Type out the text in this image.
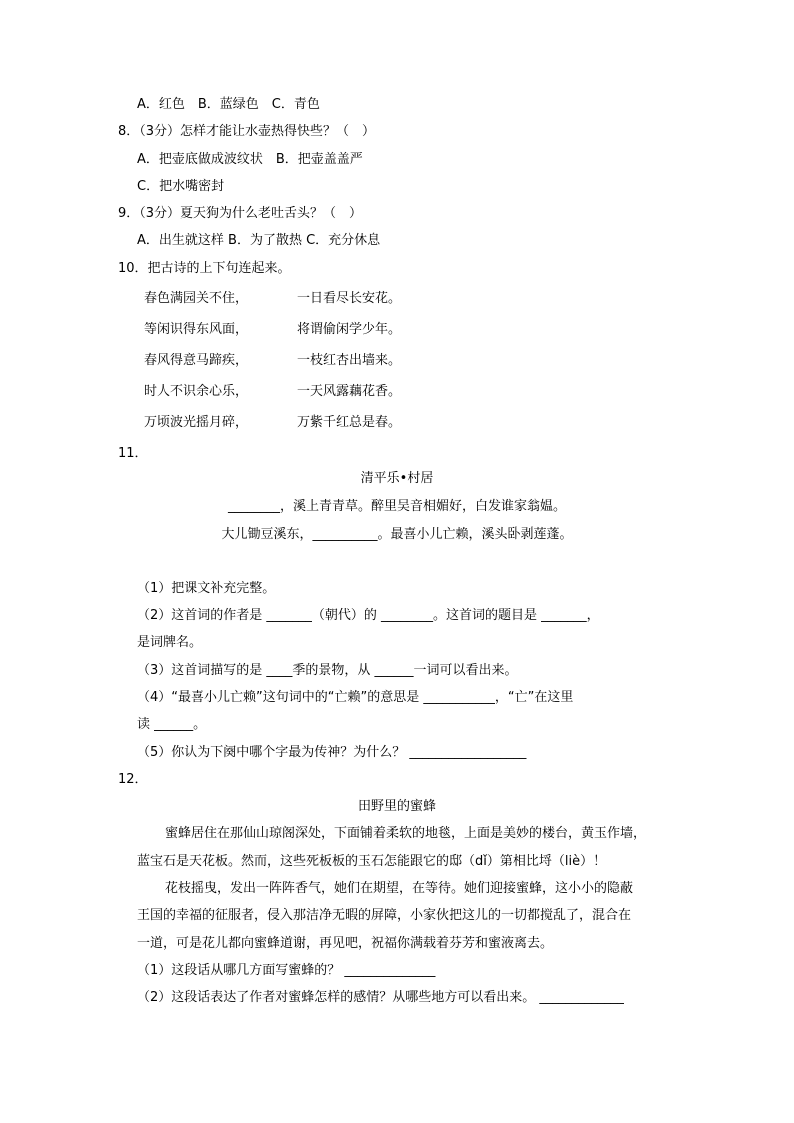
A．红色　B．蓝绿色　C．青色
8．（3分）怎样才能让水壶热得快些？（　）
A．把壶底做成波纹状　B．把壶盖盖严
C．把水嘴密封
9．（3分）夏天狗为什么老吐舌头？（　）
A．出生就这样 B．为了散热 C．充分休息
10．把古诗的上下句连起来。
春色满园关不住，	一日看尽长安花。
等闲识得东风面，	将谓偷闲学少年。
春风得意马蹄疾，	一枝红杏出墙来。
时人不识余心乐，	一天风露藕花香。
万顷波光摇月碎，	万紫千红总是春。
11．
清平乐•村居
________，溪上青青草。醉里吴音相媚好，白发谁家翁媪。
大儿锄豆溪东，__________。最喜小儿亡赖，溪头卧剥莲蓬。
（1）把课文补充完整。
（2）这首词的作者是 _______（朝代）的 ________。这首词的题目是 _______，
是词牌名。
（3）这首词描写的是 ____季的景物，从 ______一词可以看出来。
（4）“最喜小儿亡赖”这句词中的“亡赖”的意思是 ___________，“亡”在这里
读 ______。
（5）你认为下阕中哪个字最为传神？为什么？ __________________
12．
田野里的蜜蜂
蜜蜂居住在那仙山琼阁深处，下面铺着柔软的地毯，上面是美妙的楼台，黄玉作墙，
蓝宝石是天花板。然而，这些死板板的玉石怎能跟它的邸（dǐ）第相比埒（liè）！
花枝摇曳，发出一阵阵香气，她们在期望，在等待。她们迎接蜜蜂，这小小的隐蔽
王国的幸福的征服者，侵入那洁净无暇的屏障，小家伙把这儿的一切都搅乱了，混合在
一道，可是花儿都向蜜蜂道谢，再见吧，祝福你满载着芬芳和蜜液离去。
（1）这段话从哪几方面写蜜蜂的？ ______________
（2）这段话表达了作者对蜜蜂怎样的感情？从哪些地方可以看出来。 _____________
